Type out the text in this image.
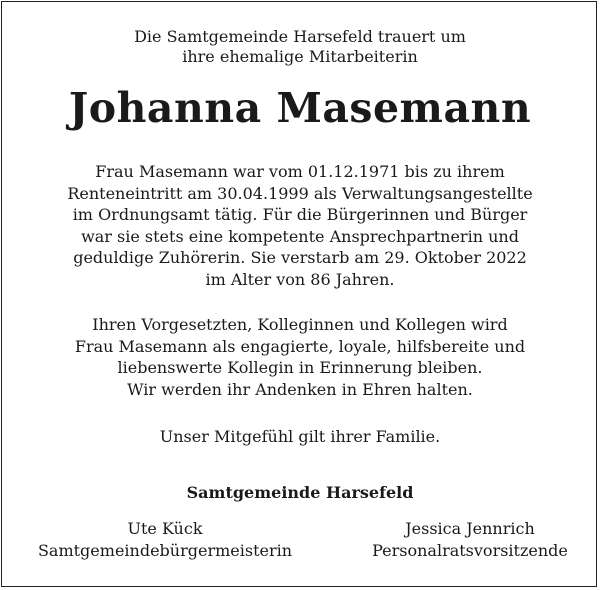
Die Samtgemeinde Harsefeld trauert um
ihre ehemalige Mitarbeiterin
Johanna Masemann
Frau Masemann war vom 01.12.1971 bis zu ihrem
Renteneintritt am 30.04.1999 als Verwaltungsangestellte
im Ordnungsamt tätig. Für die Bürgerinnen und Bürger
war sie stets eine kompetente Ansprechpartnerin und
geduldige Zuhörerin. Sie verstarb am 29. Oktober 2022
im Alter von 86 Jahren.
Ihren Vorgesetzten, Kolleginnen und Kollegen wird
Frau Masemann als engagierte, loyale, hilfsbereite und
liebenswerte Kollegin in Erinnerung bleiben.
Wir werden ihr Andenken in Ehren halten.
Unser Mitgefühl gilt ihrer Familie.
Samtgemeinde Harsefeld
Ute Kück
Samtgemeindebürgermeisterin
Jessica Jennrich
Personalratsvorsitzende
